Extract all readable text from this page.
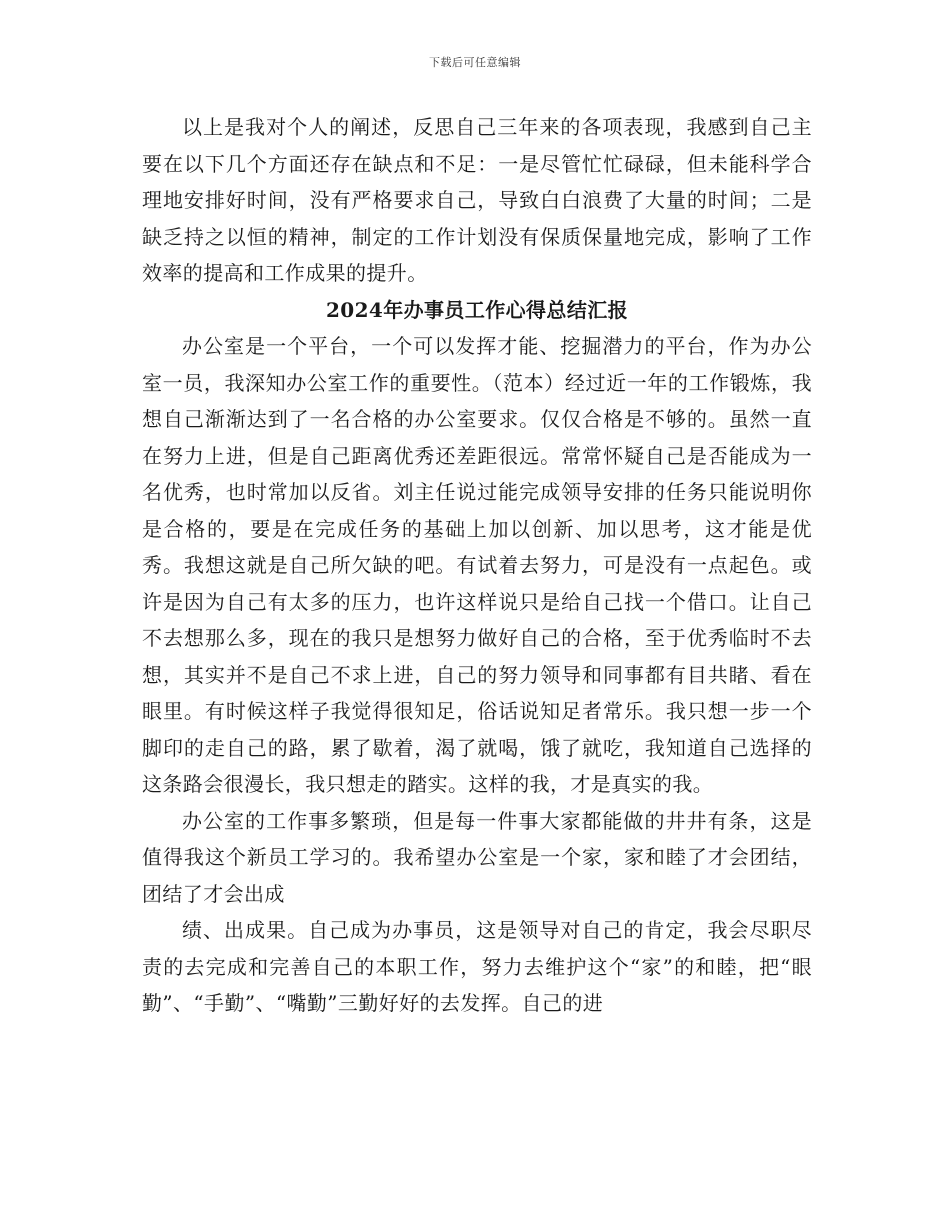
下载后可任意编辑

以上是我对个人的阐述，反思自己三年来的各项表现，我感到自己主要在以下几个方面还存在缺点和不足：一是尽管忙忙碌碌，但未能科学合理地安排好时间，没有严格要求自己，导致白白浪费了大量的时间；二是缺乏持之以恒的精神，制定的工作计划没有保质保量地完成，影响了工作效率的提高和工作成果的提升。

2024年办事员工作心得总结汇报

办公室是一个平台，一个可以发挥才能、挖掘潜力的平台，作为办公室一员，我深知办公室工作的重要性。（范本）经过近一年的工作锻炼，我想自己渐渐达到了一名合格的办公室要求。仅仅合格是不够的。虽然一直在努力上进，但是自己距离优秀还差距很远。常常怀疑自己是否能成为一名优秀，也时常加以反省。刘主任说过能完成领导安排的任务只能说明你是合格的，要是在完成任务的基础上加以创新、加以思考，这才能是优秀。我想这就是自己所欠缺的吧。有试着去努力，可是没有一点起色。或许是因为自己有太多的压力，也许这样说只是给自己找一个借口。让自己不去想那么多，现在的我只是想努力做好自己的合格，至于优秀临时不去想，其实并不是自己不求上进，自己的努力领导和同事都有目共睹、看在眼里。有时候这样子我觉得很知足，俗话说知足者常乐。我只想一步一个脚印的走自己的路，累了歇着，渴了就喝，饿了就吃，我知道自己选择的这条路会很漫长，我只想走的踏实。这样的我，才是真实的我。

办公室的工作事多繁琐，但是每一件事大家都能做的井井有条，这是值得我这个新员工学习的。我希望办公室是一个家，家和睦了才会团结，团结了才会出成

绩、出成果。自己成为办事员，这是领导对自己的肯定，我会尽职尽责的去完成和完善自己的本职工作，努力去维护这个“家”的和睦，把“眼勤”、“手勤”、“嘴勤”三勤好好的去发挥。自己的进
